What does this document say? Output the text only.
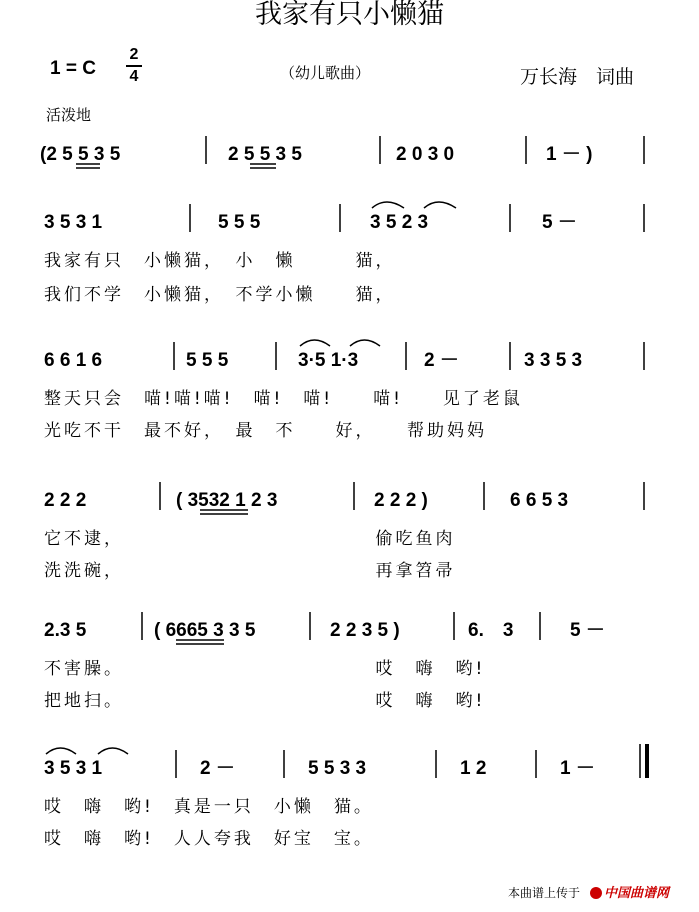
我家有只小懒猫
1 = C
2
4	（幼儿歌曲）	万长海　词曲
活泼地
(2 5 5 3 5	2 5 5 3 5	2 0 3 0	1 － )
3 5 3 1	5 5 5	3 5 2 3	5 －
我家有只　小懒猫，　小　懒　　　猫，
我们不学　小懒猫，　不学小懒　　猫，
6 6 1 6	5 5 5	3·5 1·3	2 －	3 3 5 3
整天只会　喵!喵!喵!　喵!　喵!　　喵!　　见了老鼠
光吃不干　最不好，　最　不　　好，　　帮助妈妈
2 2 2	( 3532 1 2 3	2 2 2 )	6 6 5 3
它不逮，　　　　　　　　　　　　　偷吃鱼肉
洗洗碗，　　　　　　　　　　　　　再拿笤帚
2.3 5	( 6665 3 3 5	2 2 3 5 )	6.　3	5 －
不害臊。　　　　　　　　　　　　　哎　嗨　哟!
把地扫。　　　　　　　　　　　　　哎　嗨　哟!
3 5 3 1	2 －	5 5 3 3	1 2	1 －
哎　嗨　哟!　真是一只　小懒　猫。
哎　嗨　哟!　人人夸我　好宝　宝。
本曲谱上传于	中国曲谱网
